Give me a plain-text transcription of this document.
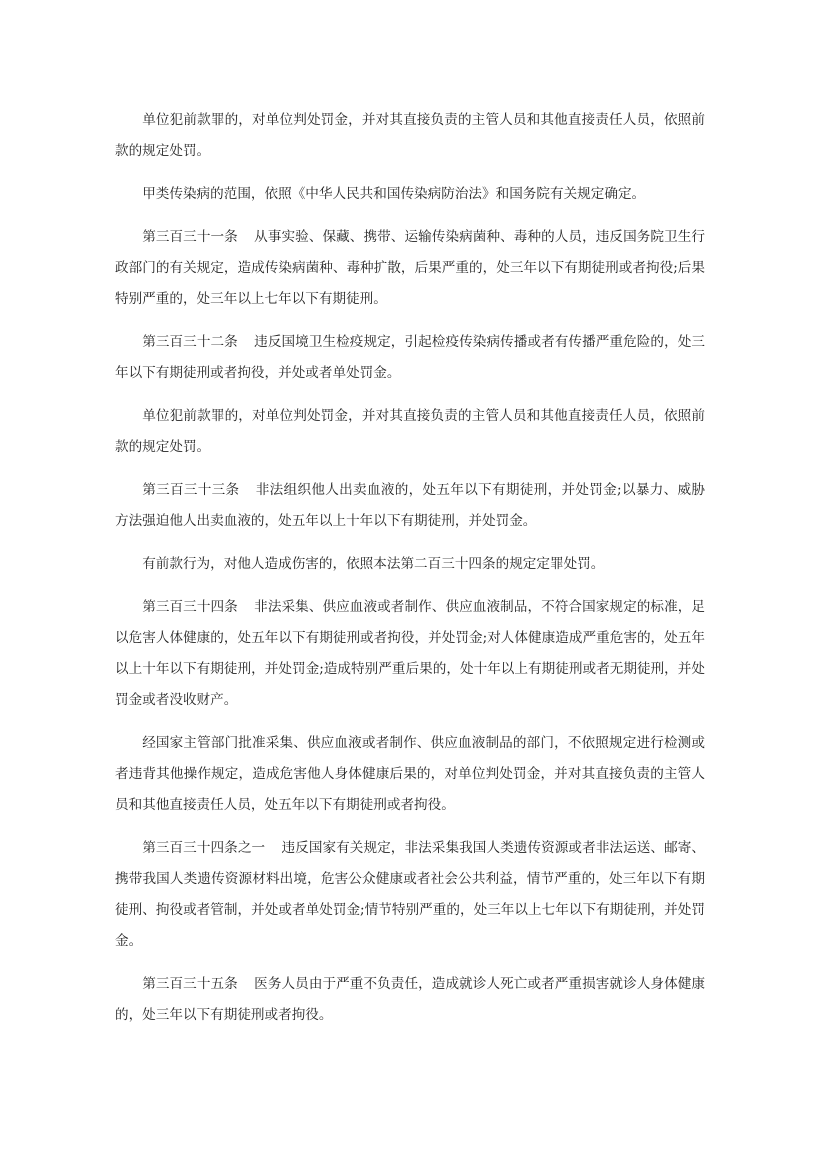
单位犯前款罪的，对单位判处罚金，并对其直接负责的主管人员和其他直接责任人员，依照前款的规定处罚。

甲类传染病的范围，依照《中华人民共和国传染病防治法》和国务院有关规定确定。

第三百三十一条 从事实验、保藏、携带、运输传染病菌种、毒种的人员，违反国务院卫生行政部门的有关规定，造成传染病菌种、毒种扩散，后果严重的，处三年以下有期徒刑或者拘役;后果特别严重的，处三年以上七年以下有期徒刑。

第三百三十二条 违反国境卫生检疫规定，引起检疫传染病传播或者有传播严重危险的，处三年以下有期徒刑或者拘役，并处或者单处罚金。

单位犯前款罪的，对单位判处罚金，并对其直接负责的主管人员和其他直接责任人员，依照前款的规定处罚。

第三百三十三条 非法组织他人出卖血液的，处五年以下有期徒刑，并处罚金;以暴力、威胁方法强迫他人出卖血液的，处五年以上十年以下有期徒刑，并处罚金。

有前款行为，对他人造成伤害的，依照本法第二百三十四条的规定定罪处罚。

第三百三十四条 非法采集、供应血液或者制作、供应血液制品，不符合国家规定的标准，足以危害人体健康的，处五年以下有期徒刑或者拘役，并处罚金;对人体健康造成严重危害的，处五年以上十年以下有期徒刑，并处罚金;造成特别严重后果的，处十年以上有期徒刑或者无期徒刑，并处罚金或者没收财产。

经国家主管部门批准采集、供应血液或者制作、供应血液制品的部门，不依照规定进行检测或者违背其他操作规定，造成危害他人身体健康后果的，对单位判处罚金，并对其直接负责的主管人员和其他直接责任人员，处五年以下有期徒刑或者拘役。

第三百三十四条之一 违反国家有关规定，非法采集我国人类遗传资源或者非法运送、邮寄、携带我国人类遗传资源材料出境，危害公众健康或者社会公共利益，情节严重的，处三年以下有期徒刑、拘役或者管制，并处或者单处罚金;情节特别严重的，处三年以上七年以下有期徒刑，并处罚金。

第三百三十五条 医务人员由于严重不负责任，造成就诊人死亡或者严重损害就诊人身体健康的，处三年以下有期徒刑或者拘役。
